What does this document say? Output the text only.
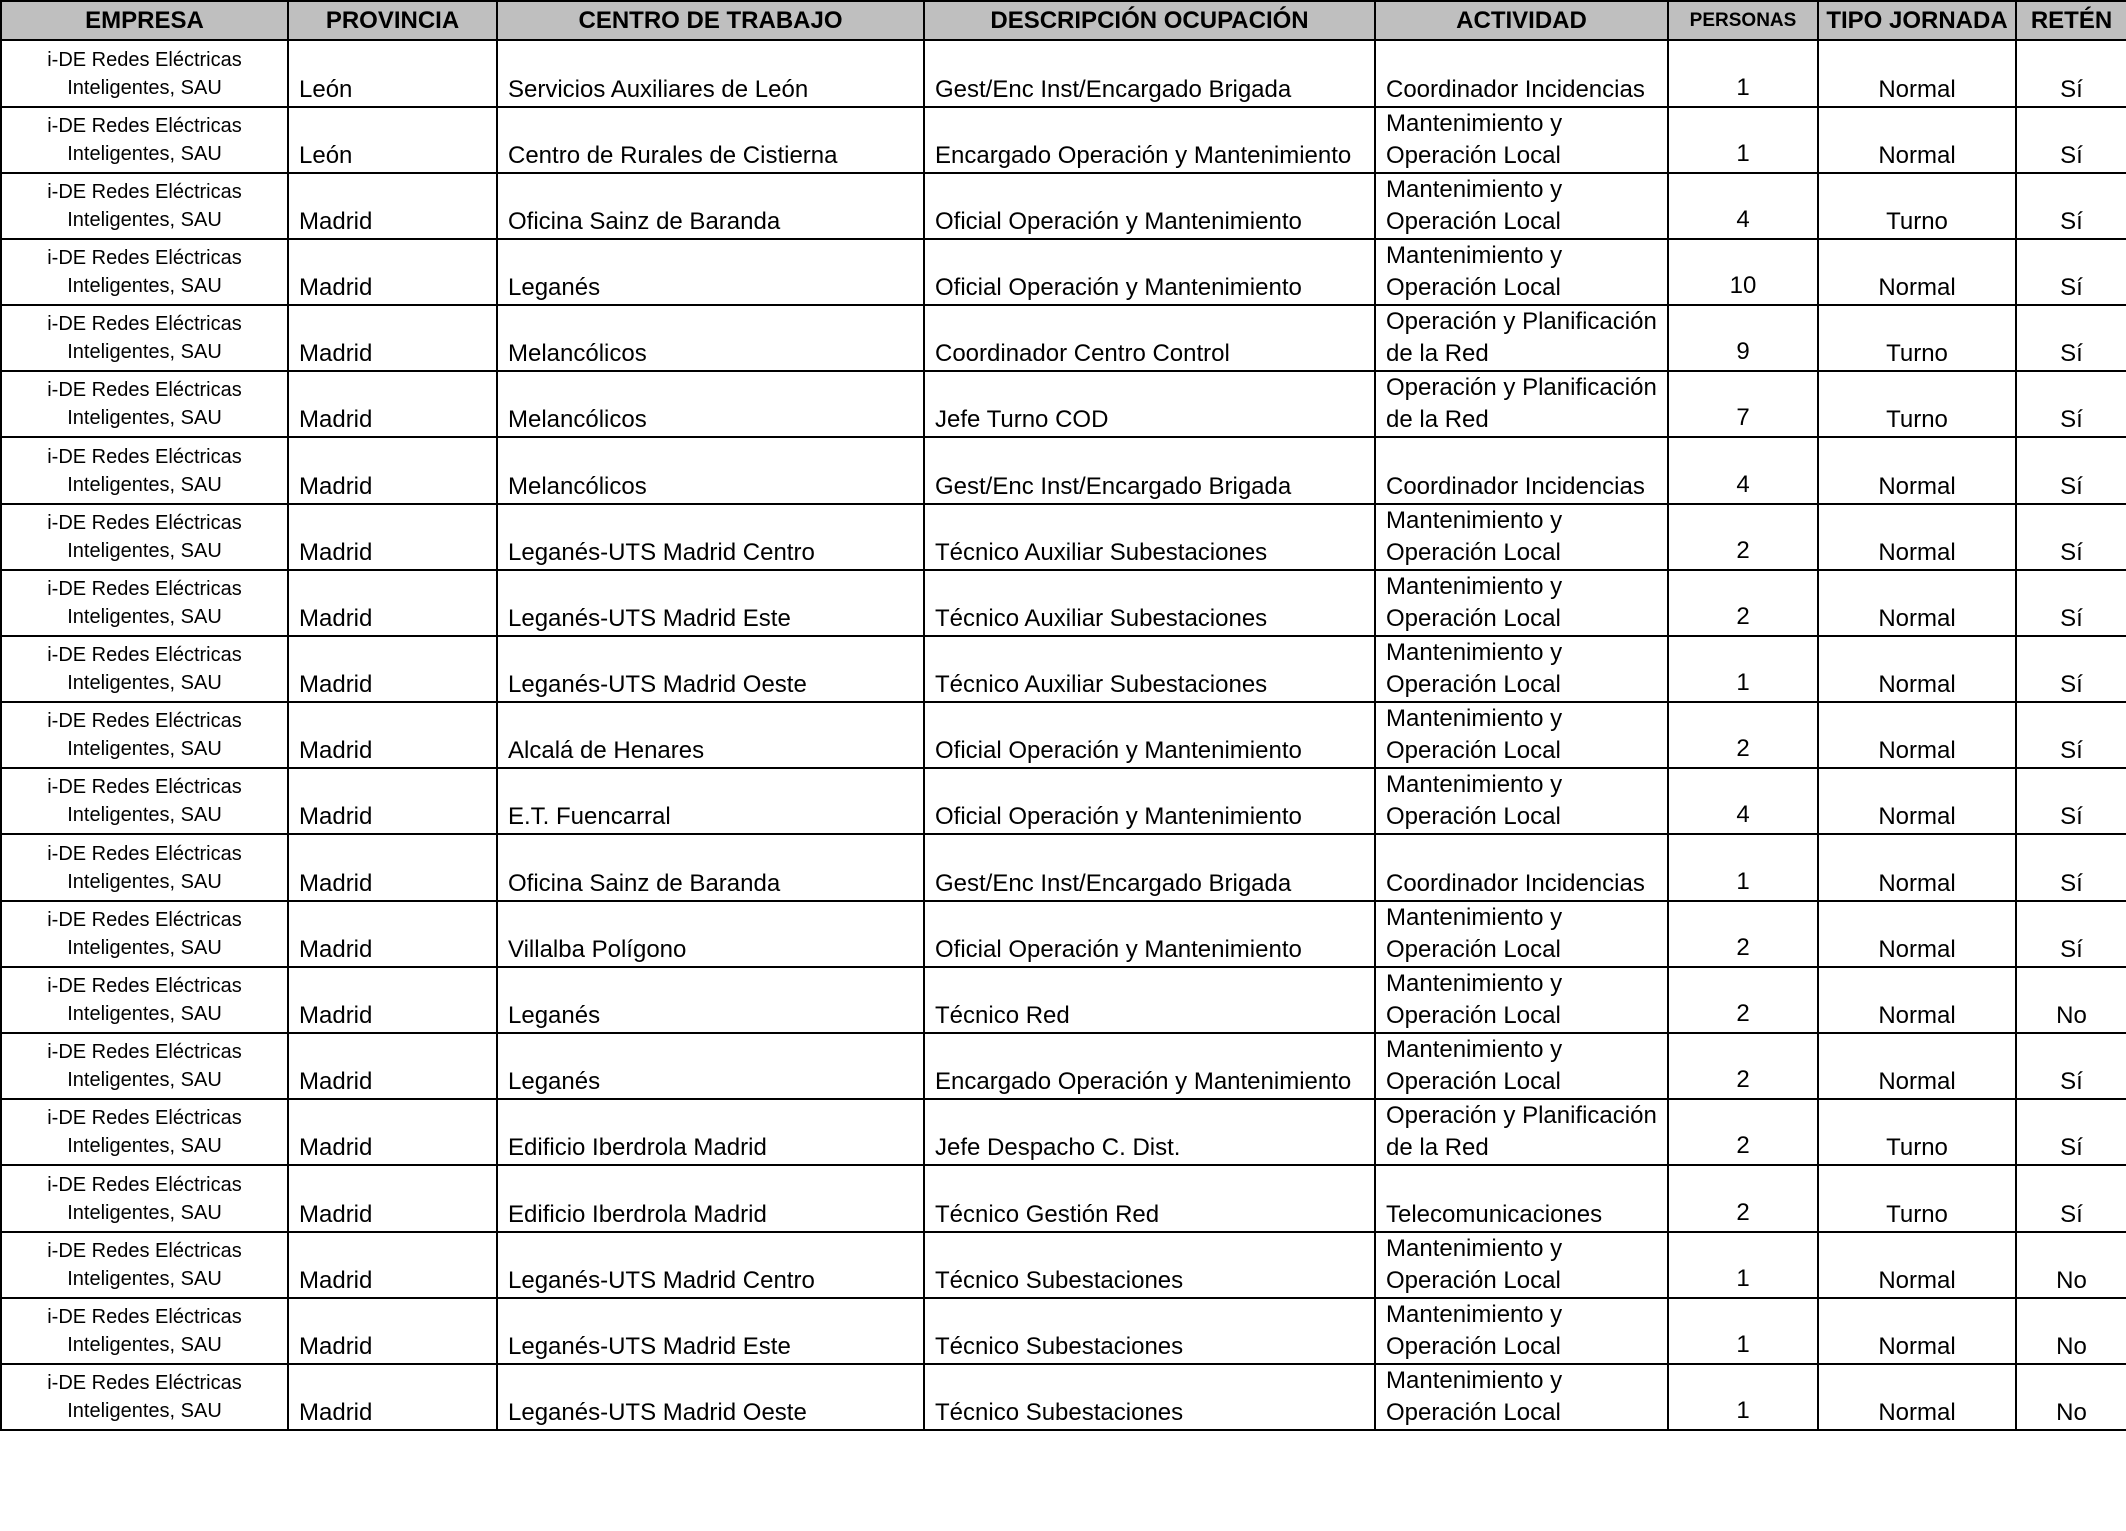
EMPRESA	PROVINCIA	CENTRO DE TRABAJO	DESCRIPCIÓN OCUPACIÓN	ACTIVIDAD	PERSONAS	TIPO JORNADA	RETÉN
i-DE Redes Eléctricas Inteligentes, SAU	León	Servicios Auxiliares de León	Gest/Enc Inst/Encargado Brigada	Coordinador Incidencias	1	Normal	Sí
i-DE Redes Eléctricas Inteligentes, SAU	León	Centro de Rurales de Cistierna	Encargado Operación y Mantenimiento	Mantenimiento y Operación Local	1	Normal	Sí
i-DE Redes Eléctricas Inteligentes, SAU	Madrid	Oficina Sainz de Baranda	Oficial Operación y Mantenimiento	Mantenimiento y Operación Local	4	Turno	Sí
i-DE Redes Eléctricas Inteligentes, SAU	Madrid	Leganés	Oficial Operación y Mantenimiento	Mantenimiento y Operación Local	10	Normal	Sí
i-DE Redes Eléctricas Inteligentes, SAU	Madrid	Melancólicos	Coordinador Centro Control	Operación y Planificación de la Red	9	Turno	Sí
i-DE Redes Eléctricas Inteligentes, SAU	Madrid	Melancólicos	Jefe Turno COD	Operación y Planificación de la Red	7	Turno	Sí
i-DE Redes Eléctricas Inteligentes, SAU	Madrid	Melancólicos	Gest/Enc Inst/Encargado Brigada	Coordinador Incidencias	4	Normal	Sí
i-DE Redes Eléctricas Inteligentes, SAU	Madrid	Leganés-UTS Madrid Centro	Técnico Auxiliar Subestaciones	Mantenimiento y Operación Local	2	Normal	Sí
i-DE Redes Eléctricas Inteligentes, SAU	Madrid	Leganés-UTS Madrid Este	Técnico Auxiliar Subestaciones	Mantenimiento y Operación Local	2	Normal	Sí
i-DE Redes Eléctricas Inteligentes, SAU	Madrid	Leganés-UTS Madrid Oeste	Técnico Auxiliar Subestaciones	Mantenimiento y Operación Local	1	Normal	Sí
i-DE Redes Eléctricas Inteligentes, SAU	Madrid	Alcalá de Henares	Oficial Operación y Mantenimiento	Mantenimiento y Operación Local	2	Normal	Sí
i-DE Redes Eléctricas Inteligentes, SAU	Madrid	E.T. Fuencarral	Oficial Operación y Mantenimiento	Mantenimiento y Operación Local	4	Normal	Sí
i-DE Redes Eléctricas Inteligentes, SAU	Madrid	Oficina Sainz de Baranda	Gest/Enc Inst/Encargado Brigada	Coordinador Incidencias	1	Normal	Sí
i-DE Redes Eléctricas Inteligentes, SAU	Madrid	Villalba Polígono	Oficial Operación y Mantenimiento	Mantenimiento y Operación Local	2	Normal	Sí
i-DE Redes Eléctricas Inteligentes, SAU	Madrid	Leganés	Técnico Red	Mantenimiento y Operación Local	2	Normal	No
i-DE Redes Eléctricas Inteligentes, SAU	Madrid	Leganés	Encargado Operación y Mantenimiento	Mantenimiento y Operación Local	2	Normal	Sí
i-DE Redes Eléctricas Inteligentes, SAU	Madrid	Edificio Iberdrola Madrid	Jefe Despacho C. Dist.	Operación y Planificación de la Red	2	Turno	Sí
i-DE Redes Eléctricas Inteligentes, SAU	Madrid	Edificio Iberdrola Madrid	Técnico Gestión Red	Telecomunicaciones	2	Turno	Sí
i-DE Redes Eléctricas Inteligentes, SAU	Madrid	Leganés-UTS Madrid Centro	Técnico Subestaciones	Mantenimiento y Operación Local	1	Normal	No
i-DE Redes Eléctricas Inteligentes, SAU	Madrid	Leganés-UTS Madrid Este	Técnico Subestaciones	Mantenimiento y Operación Local	1	Normal	No
i-DE Redes Eléctricas Inteligentes, SAU	Madrid	Leganés-UTS Madrid Oeste	Técnico Subestaciones	Mantenimiento y Operación Local	1	Normal	No
